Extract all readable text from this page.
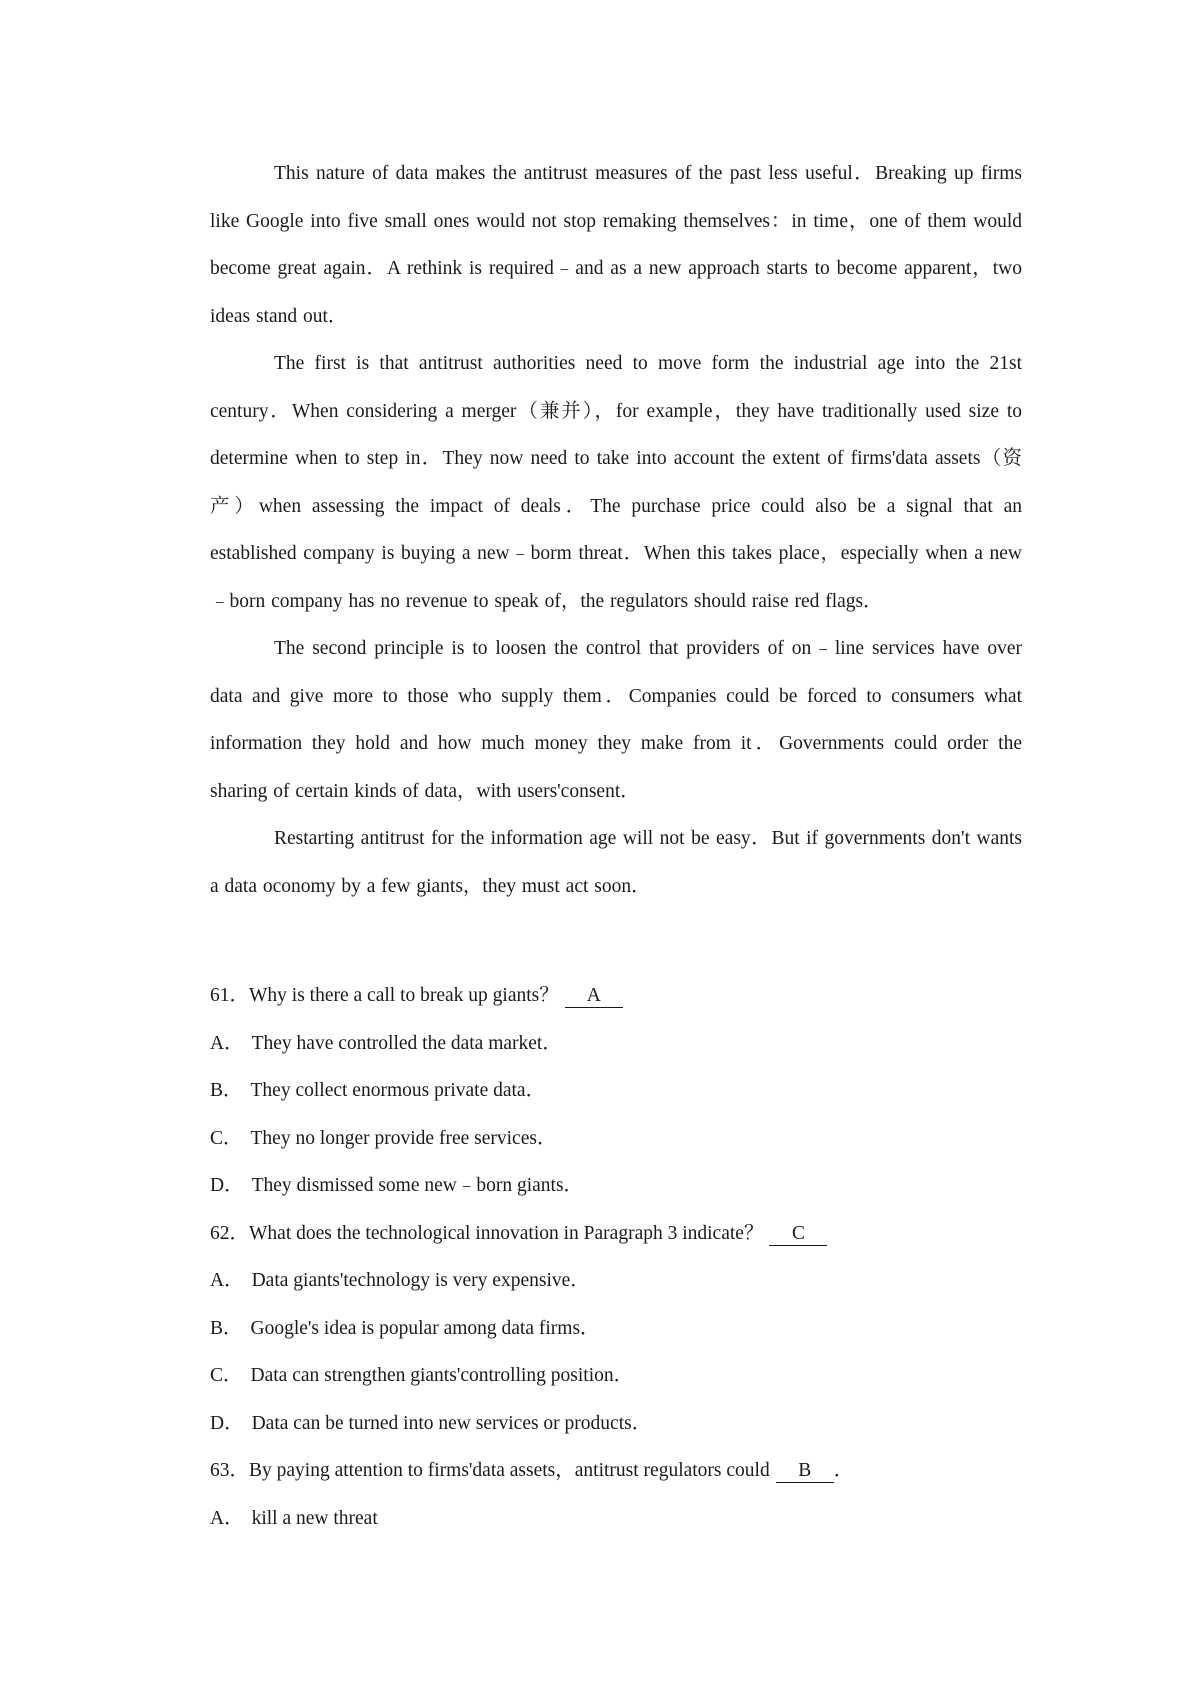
This nature of data makes the antitrust measures of the past less useful．Breaking up firms like Google into five small ones would not stop remaking themselves：in time，one of them would become great again．A rethink is required﹣and as a new approach starts to become apparent，two ideas stand out．

The first is that antitrust authorities need to move form the industrial age into the 21st century．When considering a merger（兼并），for example，they have traditionally used size to determine when to step in．They now need to take into account the extent of firms'data assets（资产）when assessing the impact of deals．The purchase price could also be a signal that an established company is buying a new﹣borm threat．When this takes place，especially when a new﹣born company has no revenue to speak of，the regulators should raise red flags．

The second principle is to loosen the control that providers of on﹣line services have over data and give more to those who supply them．Companies could be forced to consumers what information they hold and how much money they make from it．Governments could order the sharing of certain kinds of data，with users'consent．

Restarting antitrust for the information age will not be easy．But if governments don't wants a data oconomy by a few giants，they must act soon．

61．Why is there a call to break up giants？ A

A． They have controlled the data market．

B． They collect enormous private data．

C． They no longer provide free services．

D． They dismissed some new﹣born giants．

62．What does the technological innovation in Paragraph 3 indicate？ C

A． Data giants'technology is very expensive．

B． Google's idea is popular among data firms．

C． Data can strengthen giants'controlling position．

D． Data can be turned into new services or products．

63．By paying attention to firms'data assets，antitrust regulators could B ．

A． kill a new threat
